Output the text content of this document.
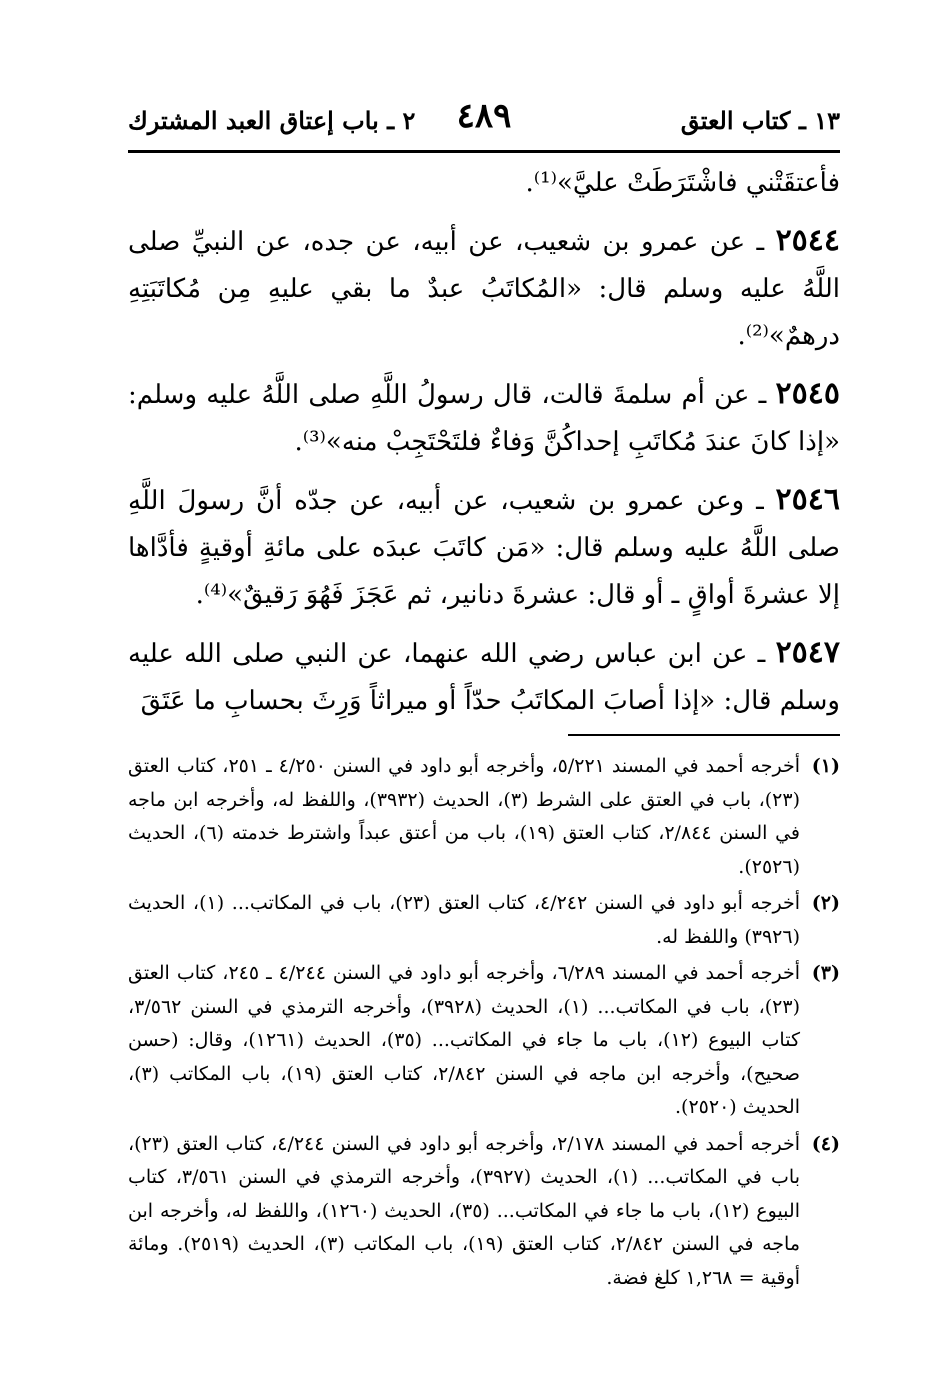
١٣ ـ كتاب العتق
٤٨٩
٢ ـ باب إعتاق العبد المشترك

فأعتقَتْني فاشْتَرَطَتْ عليَّ»⁽¹⁾.

٢٥٤٤ ـ عن عمرو بن شعيب، عن أبيه، عن جده، عن النبيِّ صلى اللَّهُ عليه وسلم قال: «المُكاتَبُ عبدٌ ما بقي عليهِ مِن مُكاتَبَتِهِ درهمٌ»⁽²⁾.

٢٥٤٥ ـ عن أم سلمةَ قالت، قال رسولُ اللَّهِ صلى اللَّهُ عليه وسلم: «إذا كانَ عندَ مُكاتَبِ إحداكُنَّ وَفاءٌ فلتَحْتَجِبْ منه»⁽³⁾.

٢٥٤٦ ـ وعن عمرو بن شعيب، عن أبيه، عن جدّه أنَّ رسولَ اللَّهِ صلى اللَّهُ عليه وسلم قال: «مَن كاتَبَ عبدَه على مائةِ أوقيةٍ فأدَّاها إلا عشرةَ أواقٍ ـ أو قال: عشرةَ دنانير، ثم عَجَزَ فَهُوَ رَقيقٌ»⁽⁴⁾.

٢٥٤٧ ـ عن ابن عباس رضي الله عنهما، عن النبي صلى الله عليه وسلم قال: «إذا أصابَ المكاتَبُ حدّاً أو ميراثاً وَرِثَ بحسابِ ما عَتَقَ

(١)
أخرجه أحمد في المسند ٥/٢٢١، وأخرجه أبو داود في السنن ٤/٢٥٠ ـ ٢٥١، كتاب العتق (٢٣)، باب في العتق على الشرط (٣)، الحديث (٣٩٣٢)، واللفظ له، وأخرجه ابن ماجه في السنن ٢/٨٤٤، كتاب العتق (١٩)، باب من أعتق عبداً واشترط خدمته (٦)، الحديث (٢٥٢٦).
(٢)
أخرجه أبو داود في السنن ٤/٢٤٢، كتاب العتق (٢٣)، باب في المكاتب... (١)، الحديث (٣٩٢٦) واللفظ له.
(٣)
أخرجه أحمد في المسند ٦/٢٨٩، وأخرجه أبو داود في السنن ٤/٢٤٤ ـ ٢٤٥، كتاب العتق (٢٣)، باب في المكاتب... (١)، الحديث (٣٩٢٨)، وأخرجه الترمذي في السنن ٣/٥٦٢، كتاب البيوع (١٢)، باب ما جاء في المكاتب... (٣٥)، الحديث (١٢٦١)، وقال: (حسن صحيح)، وأخرجه ابن ماجه في السنن ٢/٨٤٢، كتاب العتق (١٩)، باب المكاتب (٣)، الحديث (٢٥٢٠).
(٤)
أخرجه أحمد في المسند ٢/١٧٨، وأخرجه أبو داود في السنن ٤/٢٤٤، كتاب العتق (٢٣)، باب في المكاتب... (١)، الحديث (٣٩٢٧)، وأخرجه الترمذي في السنن ٣/٥٦١، كتاب البيوع (١٢)، باب ما جاء في المكاتب... (٣٥)، الحديث (١٢٦٠)، واللفظ له، وأخرجه ابن ماجه في السنن ٢/٨٤٢، كتاب العتق (١٩)، باب المكاتب (٣)، الحديث (٢٥١٩). ومائة أوقية = ١,٢٦٨ كلغ فضة.
